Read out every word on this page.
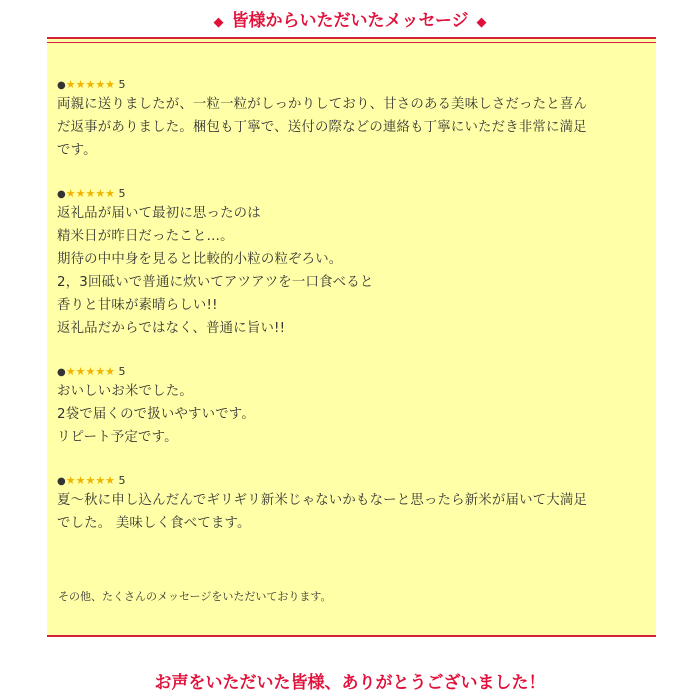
◆ 皆様からいただいたメッセージ ◆
●★★★★★ 5
両親に送りましたが、一粒一粒がしっかりしており、甘さのある美味しさだったと喜ん
だ返事がありました。梱包も丁寧で、送付の際などの連絡も丁寧にいただき非常に満足
です。
●★★★★★ 5
返礼品が届いて最初に思ったのは
精米日が昨日だったこと…。
期待の中中身を見ると比較的小粒の粒ぞろい。
2，3回砥いで普通に炊いてアツアツを一口食べると
香りと甘味が素晴らしい!!
返礼品だからではなく、普通に旨い!!
●★★★★★ 5
おいしいお米でした。
2袋で届くので扱いやすいです。
リピート予定です。
●★★★★★ 5
夏～秋に申し込んだんでギリギリ新米じゃないかもなーと思ったら新米が届いて大満足
でした。 美味しく食べてます。
その他、たくさんのメッセージをいただいております。
お声をいただいた皆様、ありがとうございました！
